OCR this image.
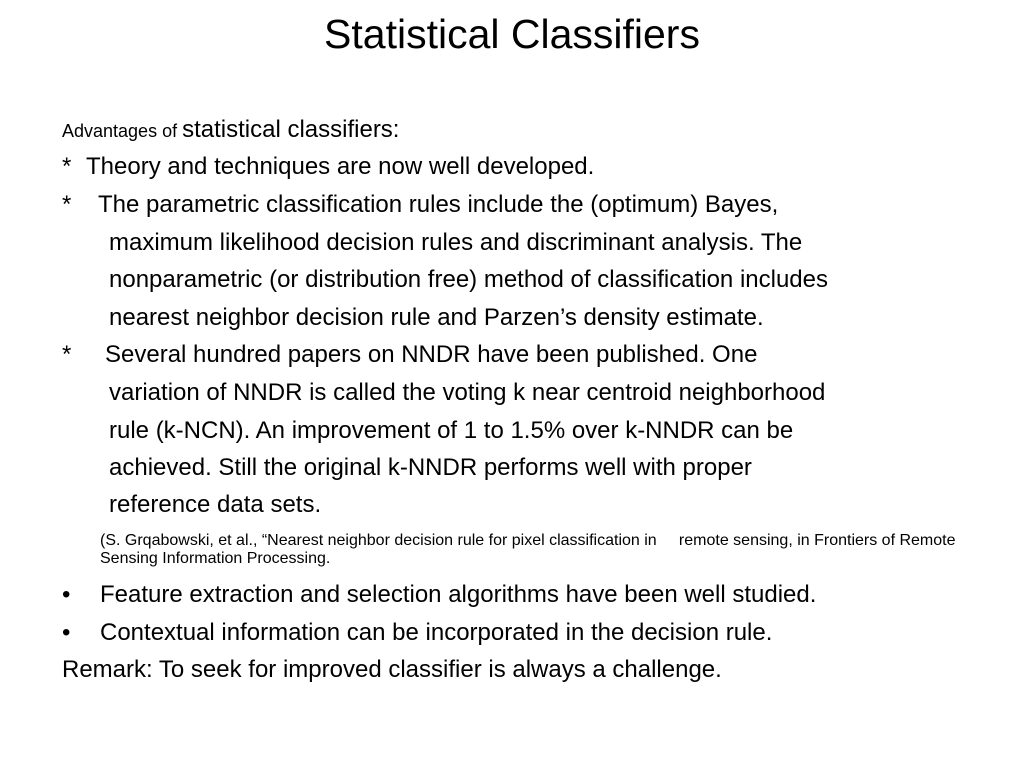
Statistical Classifiers
Advantages of statistical classifiers:
* Theory and techniques are now well developed.
* The parametric classification rules include the (optimum) Bayes,
maximum likelihood decision rules and discriminant analysis. The
nonparametric (or distribution free) method of classification includes
nearest neighbor decision rule and Parzen’s density estimate.
* Several hundred papers on NNDR have been published. One
variation of NNDR is called the voting k near centroid neighborhood
rule (k-NCN). An improvement of 1 to 1.5% over k-NNDR can be
achieved. Still the original k-NNDR performs well with proper
reference data sets.
(S. Grqabowski, et al., “Nearest neighbor decision rule for pixel classification in     remote sensing, in Frontiers of Remote Sensing Information Processing.
• Feature extraction and selection algorithms have been well studied.
• Contextual information can be incorporated in the decision rule.
Remark: To seek for improved classifier is always a challenge.
